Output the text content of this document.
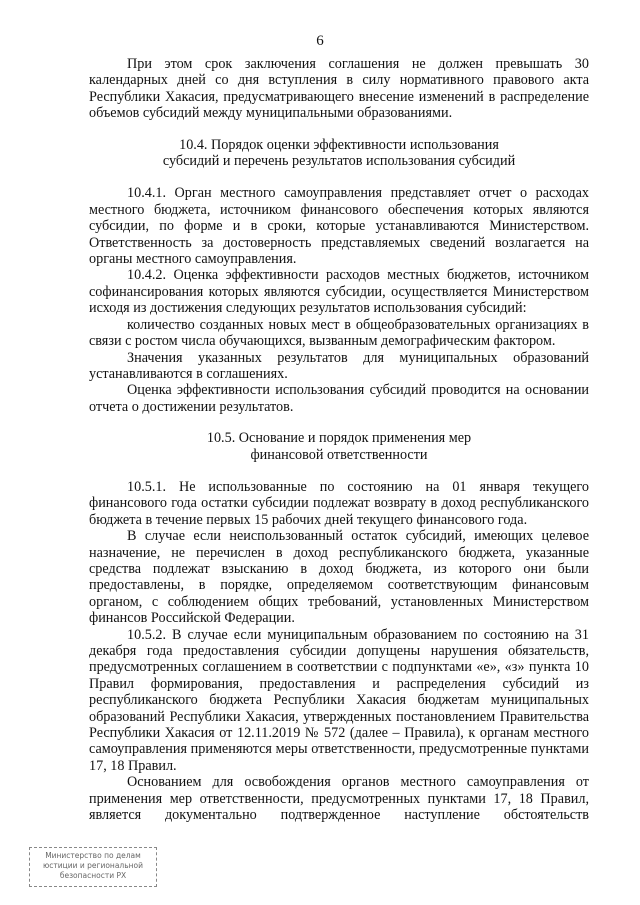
6

При этом срок заключения соглашения не должен превышать 30 календарных дней со дня вступления в силу нормативного правового акта Республики Хакасия, предусматривающего внесение изменений в распределение объемов субсидий между муниципальными образованиями.

10.4. Порядок оценки эффективности использования

субсидий и перечень результатов использования субсидий

10.4.1. Орган местного самоуправления представляет отчет о расходах местного бюджета, источником финансового обеспечения которых являются субсидии, по форме и в сроки, которые устанавливаются Министерством. Ответственность за достоверность представляемых сведений возлагается на органы местного самоуправления.

10.4.2. Оценка эффективности расходов местных бюджетов, источником софинансирования которых являются субсидии, осуществляется Министерством исходя из достижения следующих результатов использования субсидий:

количество созданных новых мест в общеобразовательных организациях в связи с ростом числа обучающихся, вызванным демографическим фактором.

Значения указанных результатов для муниципальных образований устанавливаются в соглашениях.

Оценка эффективности использования субсидий проводится на основании отчета о достижении результатов.

10.5. Основание и порядок применения мер

финансовой ответственности

10.5.1. Не использованные по состоянию на 01 января текущего финансового года остатки субсидии подлежат возврату в доход республиканского бюджета в течение первых 15 рабочих дней текущего финансового года.

В случае если неиспользованный остаток субсидий, имеющих целевое назначение, не перечислен в доход республиканского бюджета, указанные средства подлежат взысканию в доход бюджета, из которого они были предоставлены, в порядке, определяемом соответствующим финансовым органом, с соблюдением общих требований, установленных Министерством финансов Российской Федерации.

10.5.2. В случае если муниципальным образованием по состоянию на 31 декабря года предоставления субсидии допущены нарушения обязательств, предусмотренных соглашением в соответствии с подпунктами «е», «з» пункта 10 Правил формирования, предоставления и распределения субсидий из республиканского бюджета Республики Хакасия бюджетам муниципальных образований Республики Хакасия, утвержденных постановлением Правительства Республики Хакасия от 12.11.2019 № 572 (далее – Правила), к органам местного самоуправления применяются меры ответственности, предусмотренные пунктами 17, 18 Правил.

Основанием для освобождения органов местного самоуправления от применения мер ответственности, предусмотренных пунктами 17, 18 Правил, является документально подтвержденное наступление обстоятельств

Министерство по делам
юстиции и региональной
безопасности РХ
